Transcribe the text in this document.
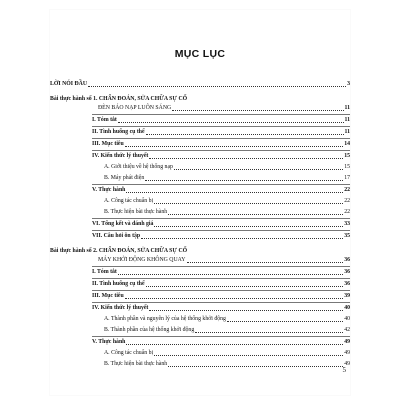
MỤC LỤC
LỜI NÓI ĐẦU	3
Bài thực hành số 1. CHẨN ĐOÁN, SỬA CHỮA SỰ CỐ
ĐÈN BÁO NẠP LUÔN SÁNG	11
I. Tóm tắt	11
II. Tình huống cụ thể	11
III. Mục tiêu	14
IV. Kiến thức lý thuyết	15
A. Giới thiệu về hệ thống nạp	15
B. Máy phát điện	17
V. Thực hành	22
A. Công tác chuẩn bị	22
B. Thực hiện bài thực hành	22
VI. Tổng kết và đánh giá	33
VII. Câu hỏi ôn tập	35
Bài thực hành số 2. CHẨN ĐOÁN, SỬA CHỮA SỰ CỐ
MÁY KHỞI ĐỘNG KHÔNG QUAY	36
I. Tóm tắt	36
II. Tình huống cụ thể	36
III. Mục tiêu	39
IV. Kiến thức lý thuyết	40
A. Thành phần và nguyên lý của hệ thống khởi động	40
B. Thành phần của hệ thống khởi động	42
V. Thực hành	49
A. Công tác chuẩn bị	49
B. Thực hiện bài thực hành	49
5
